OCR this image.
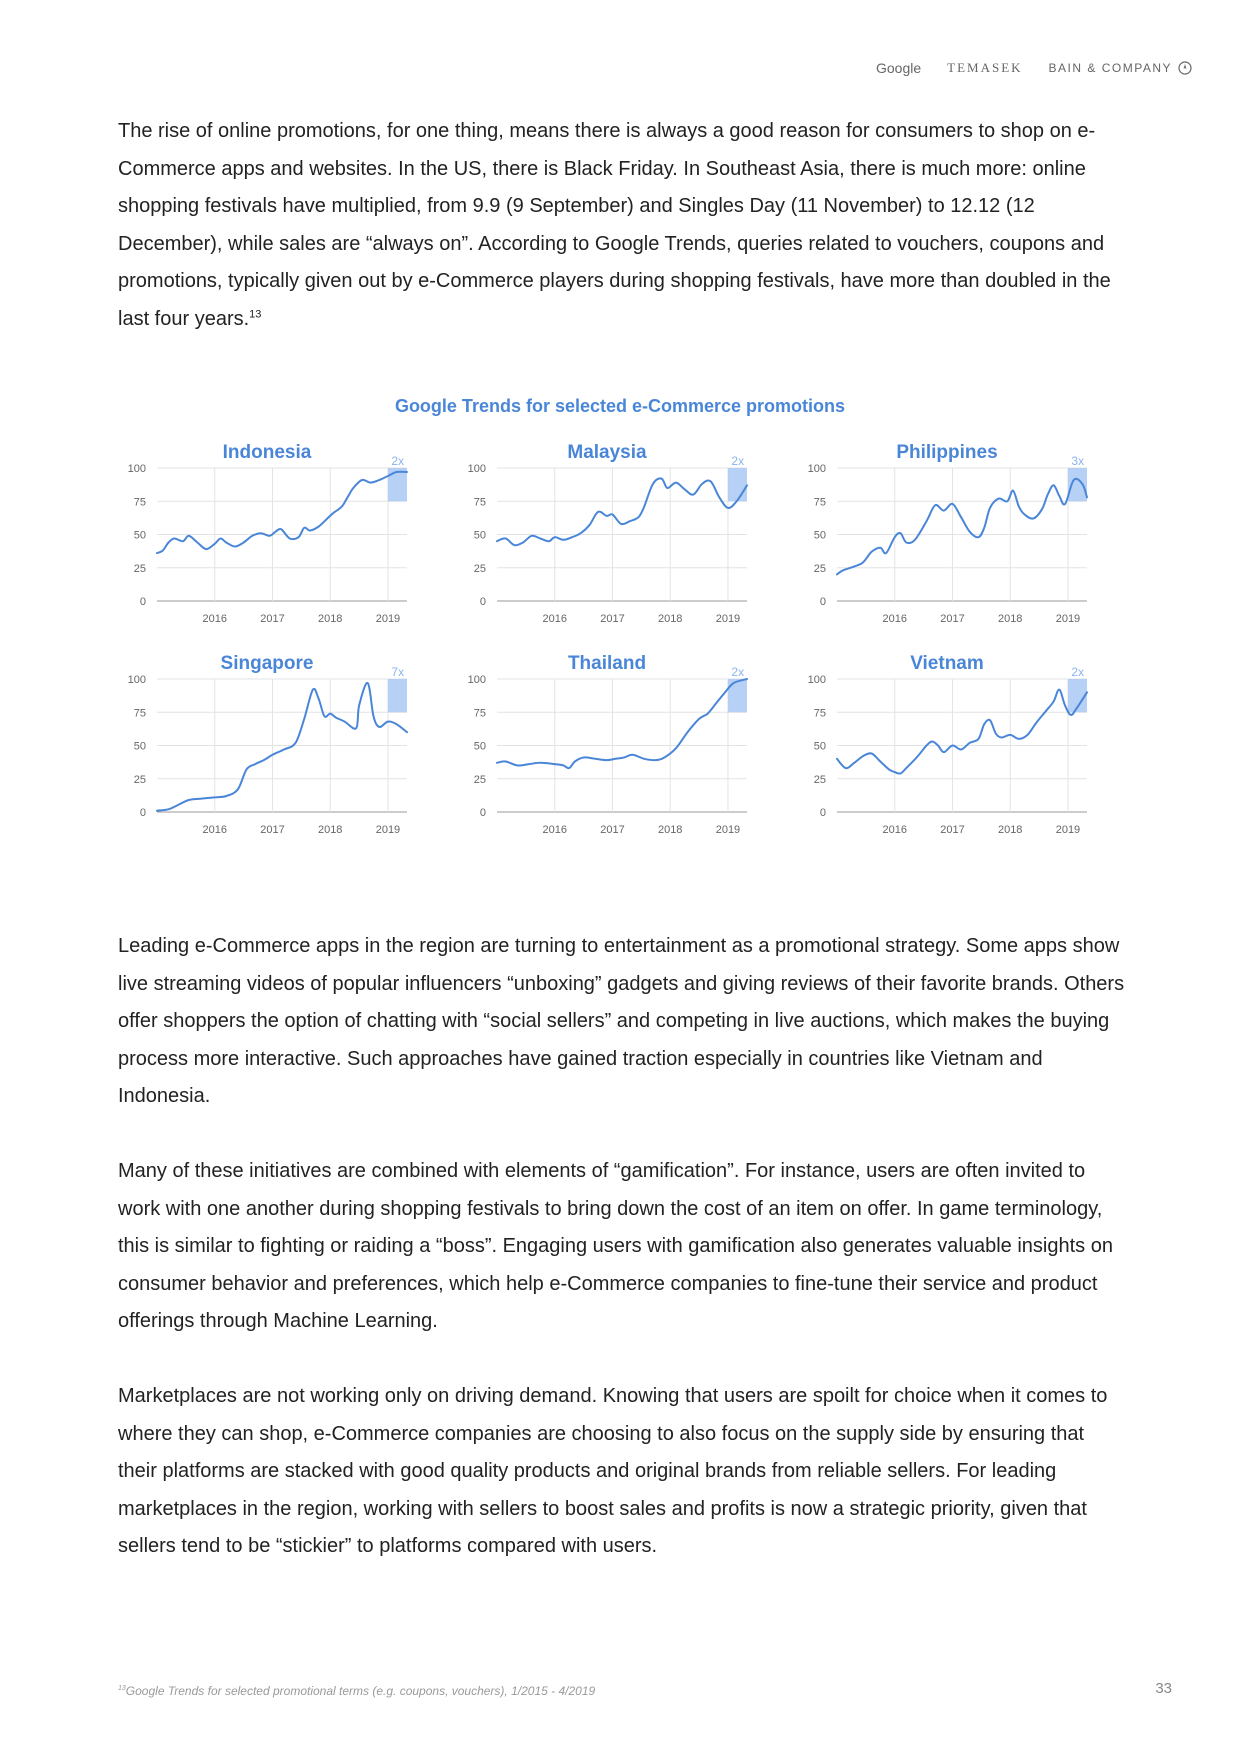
Google TEMASEK BAIN & COMPANY

The rise of online promotions, for one thing, means there is always a good reason for consumers to shop on e-Commerce apps and websites. In the US, there is Black Friday. In Southeast Asia, there is much more: online shopping festivals have multiplied, from 9.9 (9 September) and Singles Day (11 November) to 12.12 (12 December), while sales are “always on”. According to Google Trends, queries related to vouchers, coupons and promotions, typically given out by e-Commerce players during shopping festivals, have more than doubled in the last four years.$^{13}$

Google Trends for selected e-Commerce promotions
Indonesia	2x
0
25
50
75
100
2016	2017	2018	2019
Malaysia	2x
0
25
50
75
100
2016	2017	2018	2019
Philippines	3x
0
25
50
75
100
2016	2017	2018	2019
Singapore	7x
0
25
50
75
100
2016	2017	2018	2019
Thailand	2x
0
25
50
75
100
2016	2017	2018	2019
Vietnam	2x
0
25
50
75
100
2016	2017	2018	2019

Leading e-Commerce apps in the region are turning to entertainment as a promotional strategy. Some apps show live streaming videos of popular influencers “unboxing” gadgets and giving reviews of their favorite brands. Others offer shoppers the option of chatting with “social sellers” and competing in live auctions, which makes the buying process more interactive. Such approaches have gained traction especially in countries like Vietnam and Indonesia.

Many of these initiatives are combined with elements of “gamification”. For instance, users are often invited to work with one another during shopping festivals to bring down the cost of an item on offer. In game terminology, this is similar to fighting or raiding a “boss”. Engaging users with gamification also generates valuable insights on consumer behavior and preferences, which help e-Commerce companies to fine-tune their service and product offerings through Machine Learning.

Marketplaces are not working only on driving demand. Knowing that users are spoilt for choice when it comes to where they can shop, e-Commerce companies are choosing to also focus on the supply side by ensuring that their platforms are stacked with good quality products and original brands from reliable sellers. For leading marketplaces in the region, working with sellers to boost sales and profits is now a strategic priority, given that sellers tend to be “stickier” to platforms compared with users.

$^{13}$Google Trends for selected promotional terms (e.g. coupons, vouchers), 1/2015 - 4/2019	33
